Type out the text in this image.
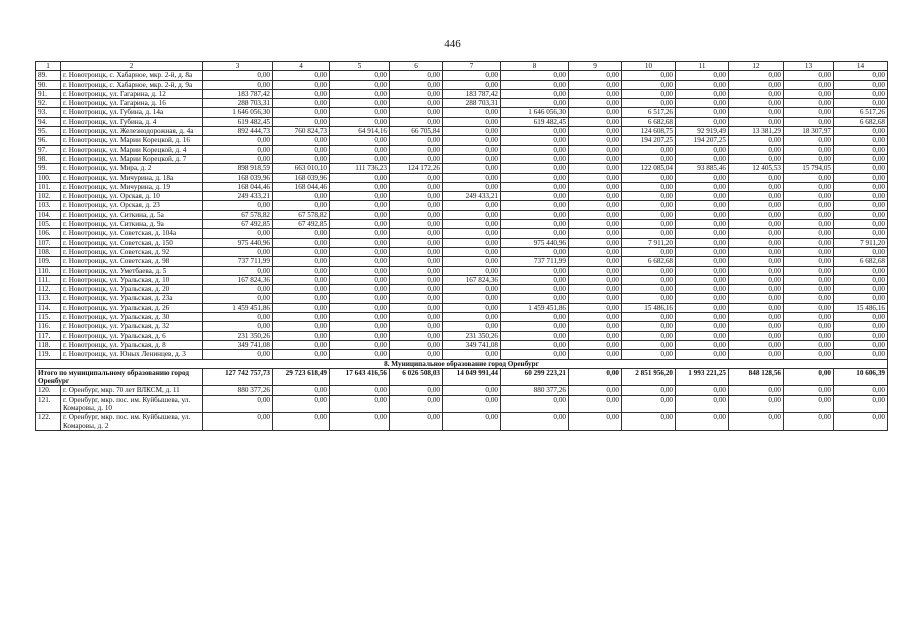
446
1	2	3	4	5	6	7	8	9	10	11	12	13	14
89.	г. Новотроицк, с. Хабарное, мкр. 2-й, д. 8а	0,00	0,00	0,00	0,00	0,00	0,00	0,00	0,00	0,00	0,00	0,00	0,00
90.	г. Новотроицк, с. Хабарное, мкр. 2-й, д. 9а	0,00	0,00	0,00	0,00	0,00	0,00	0,00	0,00	0,00	0,00	0,00	0,00
91.	г. Новотроицк, ул. Гагарина, д. 12	183 787,42	0,00	0,00	0,00	183 787,42	0,00	0,00	0,00	0,00	0,00	0,00	0,00
92.	г. Новотроицк, ул. Гагарина, д. 16	288 703,31	0,00	0,00	0,00	288 703,31	0,00	0,00	0,00	0,00	0,00	0,00	0,00
93.	г. Новотроицк, ул. Губина, д. 14а	1 646 056,30	0,00	0,00	0,00	0,00	1 646 056,30	0,00	6 517,26	0,00	0,00	0,00	6 517,26
94.	г. Новотроицк, ул. Губина, д. 4	619 482,45	0,00	0,00	0,00	0,00	619 482,45	0,00	6 682,68	0,00	0,00	0,00	6 682,68
95.	г. Новотроицк, ул. Железнодорожная, д. 4а	892 444,73	760 824,73	64 914,16	66 705,84	0,00	0,00	0,00	124 608,75	92 919,49	13 381,29	18 307,97	0,00
96.	г. Новотроицк, ул. Марии Корецкой, д. 16	0,00	0,00	0,00	0,00	0,00	0,00	0,00	194 207,25	194 207,25	0,00	0,00	0,00
97.	г. Новотроицк, ул. Марии Корецкой, д. 4	0,00	0,00	0,00	0,00	0,00	0,00	0,00	0,00	0,00	0,00	0,00	0,00
98.	г. Новотроицк, ул. Марии Корецкой, д. 7	0,00	0,00	0,00	0,00	0,00	0,00	0,00	0,00	0,00	0,00	0,00	0,00
99.	г. Новотроицк, ул. Мира, д. 2	898 918,59	663 010,10	111 736,23	124 172,26	0,00	0,00	0,00	122 085,04	93 885,46	12 405,53	15 794,05	0,00
100.	г. Новотроицк, ул. Мичурина, д. 18а	168 039,96	168 039,96	0,00	0,00	0,00	0,00	0,00	0,00	0,00	0,00	0,00	0,00
101.	г. Новотроицк, ул. Мичурина, д. 19	168 044,46	168 044,46	0,00	0,00	0,00	0,00	0,00	0,00	0,00	0,00	0,00	0,00
102.	г. Новотроицк, ул. Орская, д. 10	249 433,21	0,00	0,00	0,00	249 433,21	0,00	0,00	0,00	0,00	0,00	0,00	0,00
103.	г. Новотроицк, ул. Орская, д. 23	0,00	0,00	0,00	0,00	0,00	0,00	0,00	0,00	0,00	0,00	0,00	0,00
104.	г. Новотроицк, ул. Ситкина, д. 5а	67 578,82	67 578,82	0,00	0,00	0,00	0,00	0,00	0,00	0,00	0,00	0,00	0,00
105.	г. Новотроицк, ул. Ситкина, д. 9а	67 492,85	67 492,85	0,00	0,00	0,00	0,00	0,00	0,00	0,00	0,00	0,00	0,00
106.	г. Новотроицк, ул. Советская, д. 104а	0,00	0,00	0,00	0,00	0,00	0,00	0,00	0,00	0,00	0,00	0,00	0,00
107.	г. Новотроицк, ул. Советская, д. 150	975 440,96	0,00	0,00	0,00	0,00	975 440,96	0,00	7 911,20	0,00	0,00	0,00	7 911,20
108.	г. Новотроицк, ул. Советская, д. 92	0,00	0,00	0,00	0,00	0,00	0,00	0,00	0,00	0,00	0,00	0,00	0,00
109.	г. Новотроицк, ул. Советская, д. 98	737 711,99	0,00	0,00	0,00	0,00	737 711,99	0,00	6 682,68	0,00	0,00	0,00	6 682,68
110.	г. Новотроицк, ул. Уметбаева, д. 5	0,00	0,00	0,00	0,00	0,00	0,00	0,00	0,00	0,00	0,00	0,00	0,00
111.	г. Новотроицк, ул. Уральская, д. 10	167 824,36	0,00	0,00	0,00	167 824,36	0,00	0,00	0,00	0,00	0,00	0,00	0,00
112.	г. Новотроицк, ул. Уральская, д. 20	0,00	0,00	0,00	0,00	0,00	0,00	0,00	0,00	0,00	0,00	0,00	0,00
113.	г. Новотроицк, ул. Уральская, д. 23а	0,00	0,00	0,00	0,00	0,00	0,00	0,00	0,00	0,00	0,00	0,00	0,00
114.	г. Новотроицк, ул. Уральская, д. 26	1 459 451,86	0,00	0,00	0,00	0,00	1 459 451,86	0,00	15 486,16	0,00	0,00	0,00	15 486,16
115.	г. Новотроицк, ул. Уральская, д. 30	0,00	0,00	0,00	0,00	0,00	0,00	0,00	0,00	0,00	0,00	0,00	0,00
116.	г. Новотроицк, ул. Уральская, д. 32	0,00	0,00	0,00	0,00	0,00	0,00	0,00	0,00	0,00	0,00	0,00	0,00
117.	г. Новотроицк, ул. Уральская, д. 6	231 350,26	0,00	0,00	0,00	231 350,26	0,00	0,00	0,00	0,00	0,00	0,00	0,00
118.	г. Новотроицк, ул. Уральская, д. 8	349 741,08	0,00	0,00	0,00	349 741,08	0,00	0,00	0,00	0,00	0,00	0,00	0,00
119.	г. Новотроицк, ул. Юных Ленинцев, д. 3	0,00	0,00	0,00	0,00	0,00	0,00	0,00	0,00	0,00	0,00	0,00	0,00
8. Муниципальное образование город Оренбург													
Итого по муниципальному образованию город Оренбург		127 742 757,73	29 723 618,49	17 643 416,56	6 026 508,03	14 049 991,44	60 299 223,21	0,00	2 851 956,20	1 993 221,25	848 128,56	0,00	10 606,39
120.	г. Оренбург, мкр. 70 лет ВЛКСМ, д. 11	880 377,26	0,00	0,00	0,00	0,00	880 377,26	0,00	0,00	0,00	0,00	0,00	0,00
121.	г. Оренбург, мкр. пос. им. Куйбышева, ул. Комаровы, д. 10	0,00	0,00	0,00	0,00	0,00	0,00	0,00	0,00	0,00	0,00	0,00	0,00
122.	г. Оренбург, мкр. пос. им. Куйбышева, ул. Комаровы, д. 2	0,00	0,00	0,00	0,00	0,00	0,00	0,00	0,00	0,00	0,00	0,00	0,00
